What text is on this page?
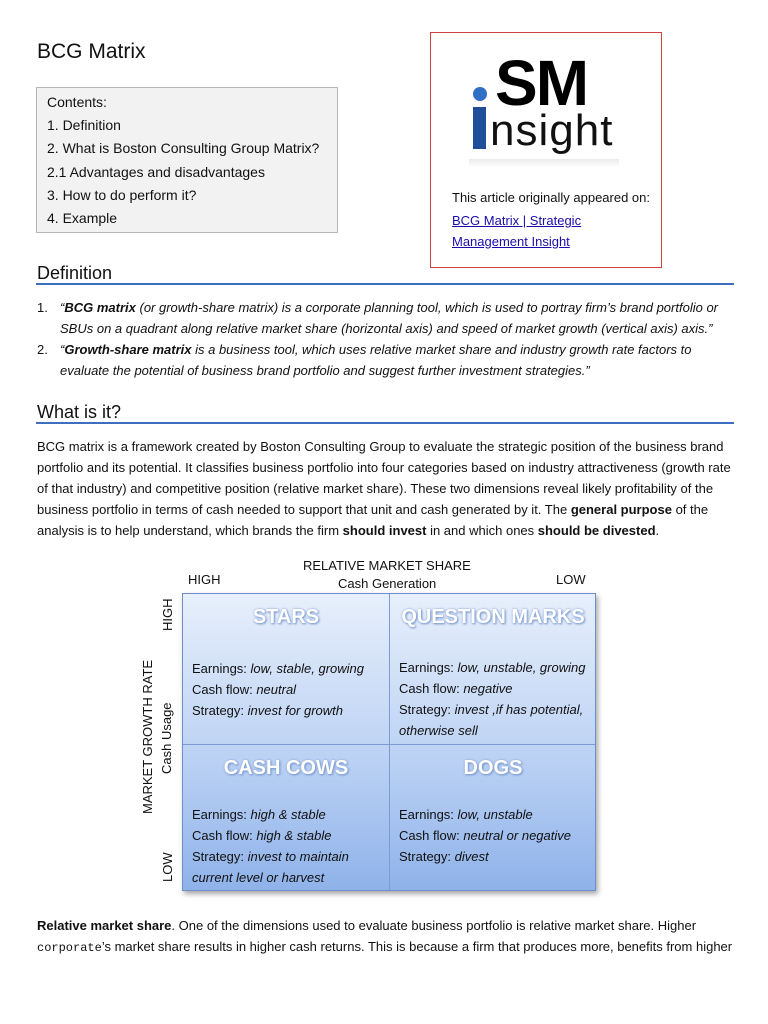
BCG Matrix
Contents:
1. Definition
2. What is Boston Consulting Group Matrix?
2.1 Advantages and disadvantages
3. How to do perform it?
4. Example
SM
nsight
This article originally appeared on:
BCG Matrix | Strategic
Management Insight
Definition
1. “BCG matrix (or growth-share matrix) is a corporate planning tool, which is used to portray firm’s brand portfolio or SBUs on a quadrant along relative market share (horizontal axis) and speed of market growth (vertical axis) axis.”
2. “Growth-share matrix is a business tool, which uses relative market share and industry growth rate factors to evaluate the potential of business brand portfolio and suggest further investment strategies.”
What is it?
BCG matrix is a framework created by Boston Consulting Group to evaluate the strategic position of the business brand portfolio and its potential. It classifies business portfolio into four categories based on industry attractiveness (growth rate of that industry) and competitive position (relative market share). These two dimensions reveal likely profitability of the business portfolio in terms of cash needed to support that unit and cash generated by it. The general purpose of the analysis is to help understand, which brands the firm should invest in and which ones should be divested.
RELATIVE MARKET SHARE
Cash Generation
HIGH	LOW
MARKET GROWTH RATE Cash Usage
HIGH
LOW
STARS
Earnings: low, stable, growing
Cash flow: neutral
Strategy: invest for growth
QUESTION MARKS
Earnings: low, unstable, growing
Cash flow: negative
Strategy: invest ,if has potential,
otherwise sell
CASH COWS
Earnings: high & stable
Cash flow: high & stable
Strategy: invest to maintain
current level or harvest
DOGS
Earnings: low, unstable
Cash flow: neutral or negative
Strategy: divest
Relative market share. One of the dimensions used to evaluate business portfolio is relative market share. Higher corporate’s market share results in higher cash returns. This is because a firm that produces more, benefits from higher
